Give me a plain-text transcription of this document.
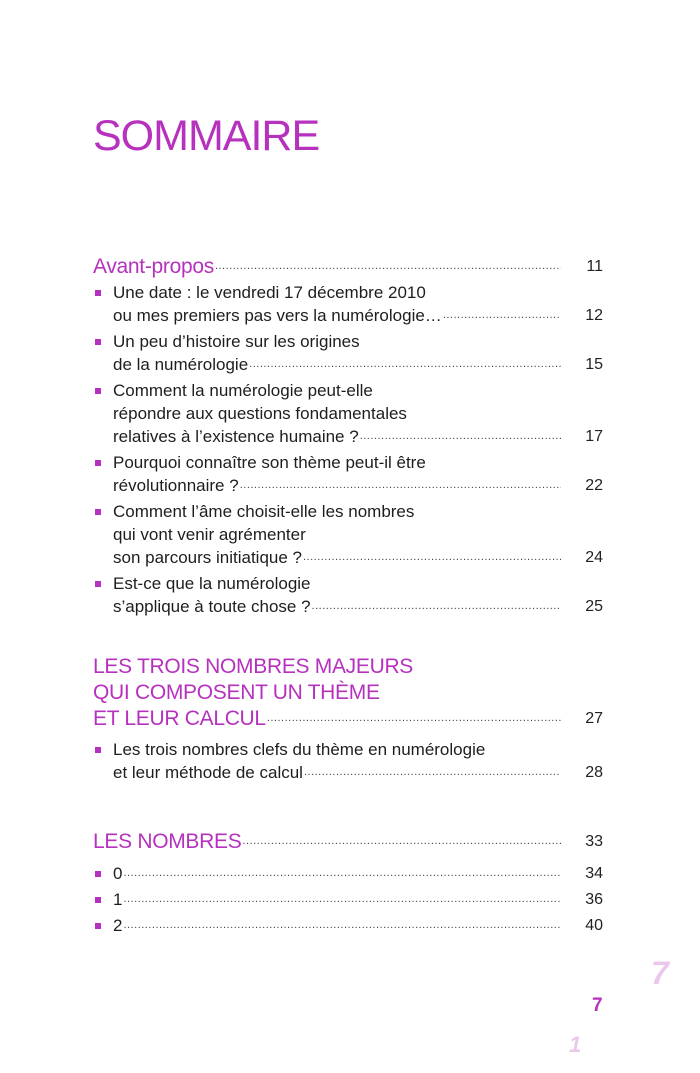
SOMMAIRE
Avant-propos .....	11
Une date : le vendredi 17 décembre 2010
ou mes premiers pas vers la numérologie… .....	12
Un peu d’histoire sur les origines
de la numérologie .....	15
Comment la numérologie peut-elle
répondre aux questions fondamentales
relatives à l’existence humaine ? .....	17
Pourquoi connaître son thème peut-il être
révolutionnaire ? .....	22
Comment l’âme choisit-elle les nombres
qui vont venir agrémenter
son parcours initiatique ? .....	24
Est-ce que la numérologie
s’applique à toute chose ? .....	25
LES TROIS NOMBRES MAJEURS
QUI COMPOSENT UN THÈME
ET LEUR CALCUL .....	27
Les trois nombres clefs du thème en numérologie
et leur méthode de calcul .....	28
LES NOMBRES .....	33
0 .....	34
1 .....	36
2 .....	40
7
7
1
